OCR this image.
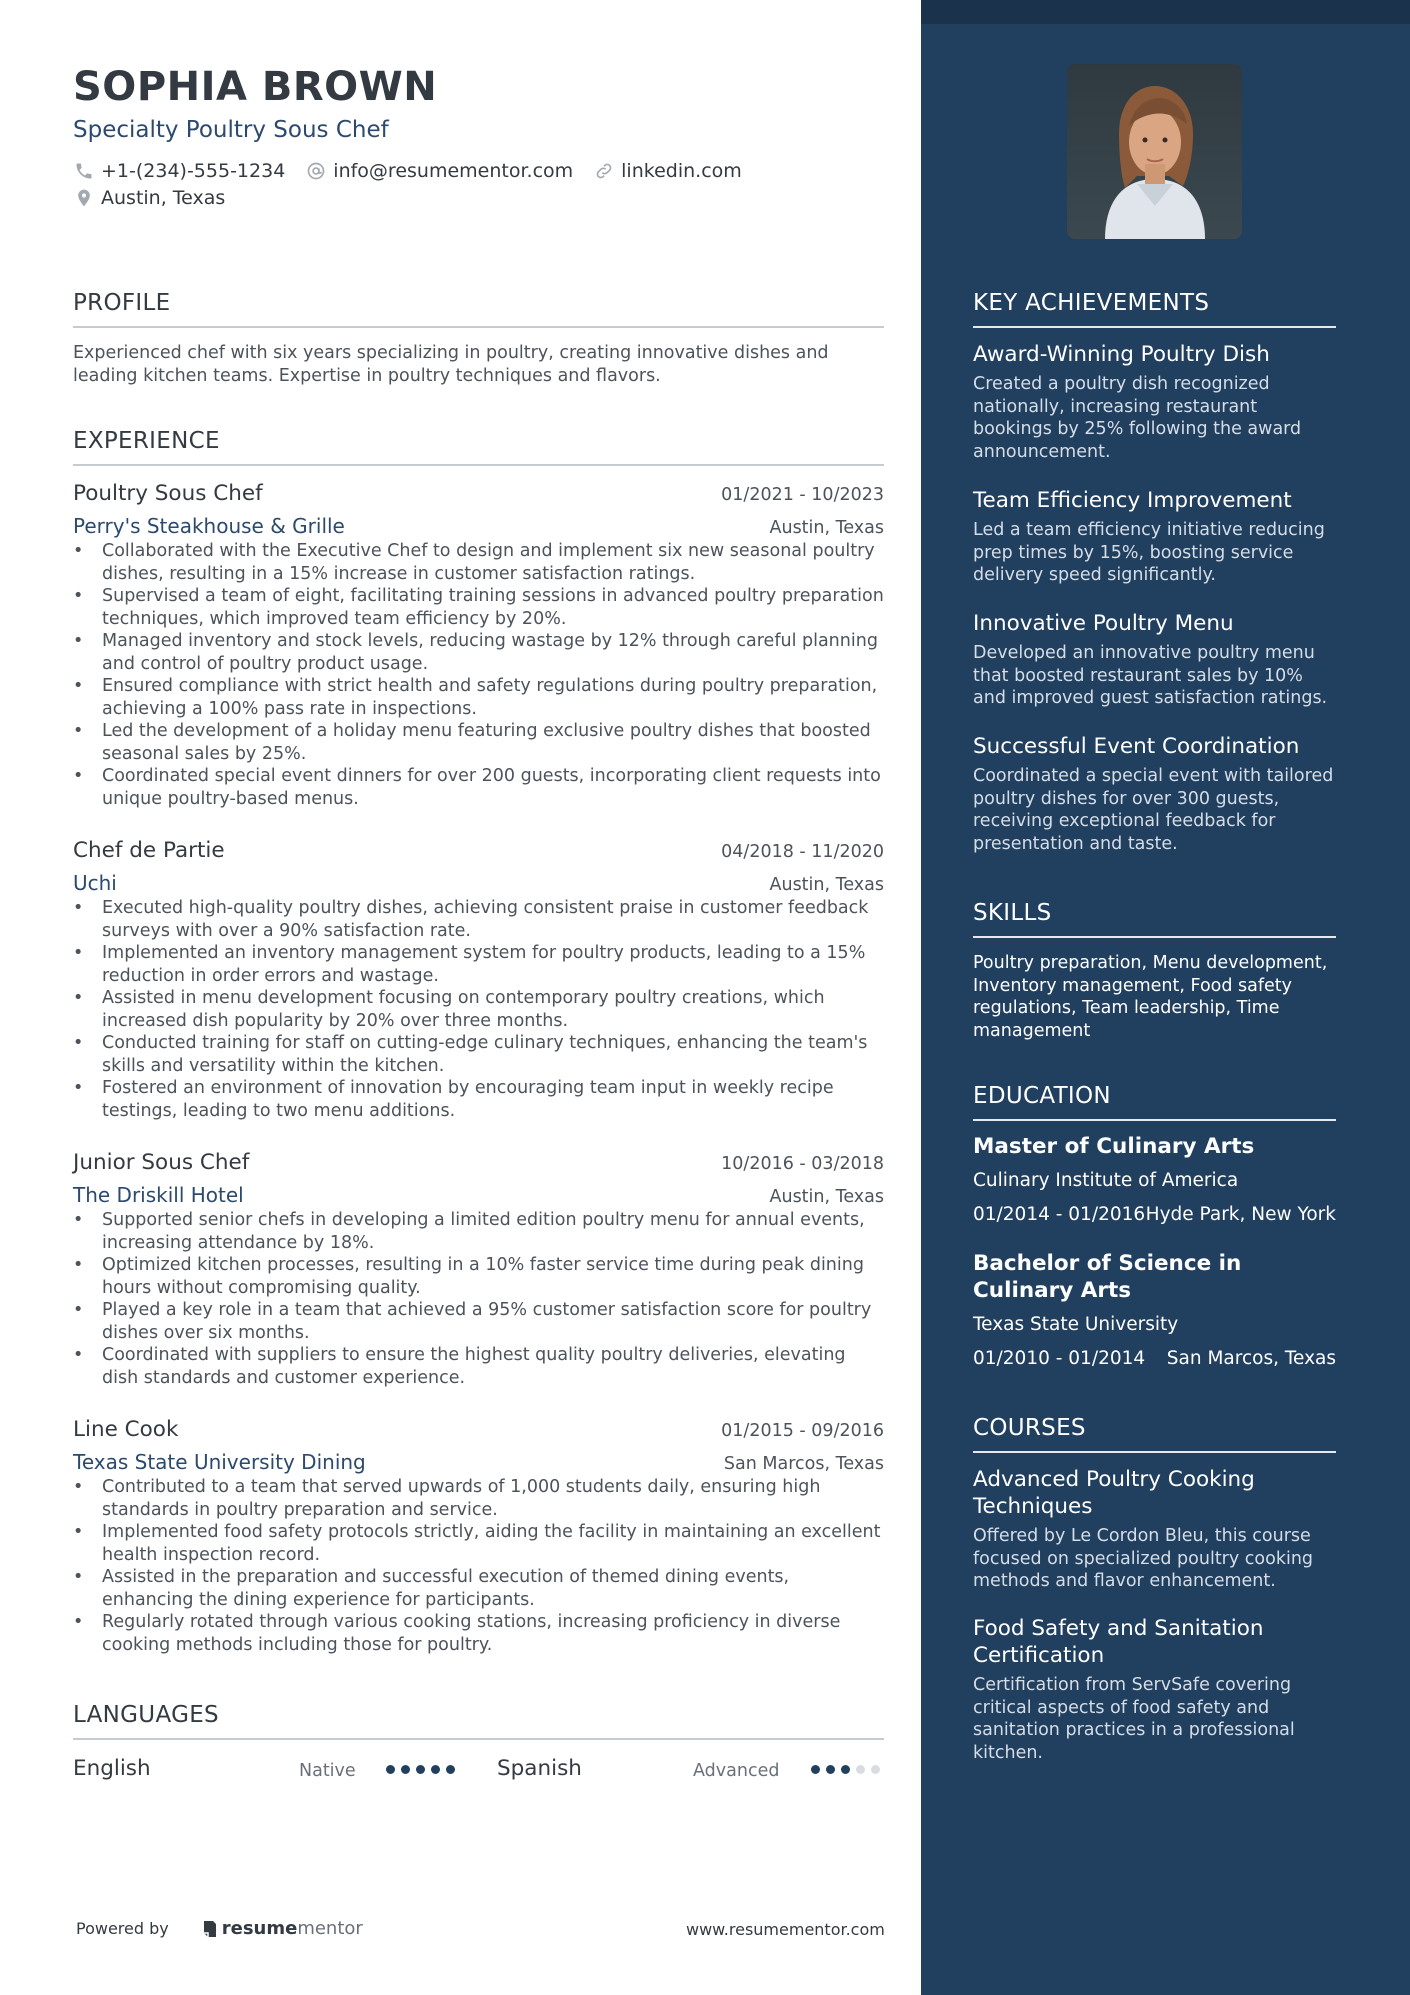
SOPHIA BROWN
Specialty Poultry Sous Chef
+1-(234)-555-1234	info@resumementor.com	linkedin.com
Austin, Texas
PROFILE
Experienced chef with six years specializing in poultry, creating innovative dishes and leading kitchen teams. Expertise in poultry techniques and flavors.
EXPERIENCE
Poultry Sous Chef	01/2021 - 10/2023
Perry's Steakhouse & Grille	Austin, Texas
• Collaborated with the Executive Chef to design and implement six new seasonal poultry dishes, resulting in a 15% increase in customer satisfaction ratings.
• Supervised a team of eight, facilitating training sessions in advanced poultry preparation techniques, which improved team efficiency by 20%.
• Managed inventory and stock levels, reducing wastage by 12% through careful planning and control of poultry product usage.
• Ensured compliance with strict health and safety regulations during poultry preparation, achieving a 100% pass rate in inspections.
• Led the development of a holiday menu featuring exclusive poultry dishes that boosted seasonal sales by 25%.
• Coordinated special event dinners for over 200 guests, incorporating client requests into unique poultry-based menus.
Chef de Partie	04/2018 - 11/2020
Uchi	Austin, Texas
• Executed high-quality poultry dishes, achieving consistent praise in customer feedback surveys with over a 90% satisfaction rate.
• Implemented an inventory management system for poultry products, leading to a 15% reduction in order errors and wastage.
• Assisted in menu development focusing on contemporary poultry creations, which increased dish popularity by 20% over three months.
• Conducted training for staff on cutting-edge culinary techniques, enhancing the team's skills and versatility within the kitchen.
• Fostered an environment of innovation by encouraging team input in weekly recipe testings, leading to two menu additions.
Junior Sous Chef	10/2016 - 03/2018
The Driskill Hotel	Austin, Texas
• Supported senior chefs in developing a limited edition poultry menu for annual events, increasing attendance by 18%.
• Optimized kitchen processes, resulting in a 10% faster service time during peak dining hours without compromising quality.
• Played a key role in a team that achieved a 95% customer satisfaction score for poultry dishes over six months.
• Coordinated with suppliers to ensure the highest quality poultry deliveries, elevating dish standards and customer experience.
Line Cook	01/2015 - 09/2016
Texas State University Dining	San Marcos, Texas
• Contributed to a team that served upwards of 1,000 students daily, ensuring high standards in poultry preparation and service.
• Implemented food safety protocols strictly, aiding the facility in maintaining an excellent health inspection record.
• Assisted in the preparation and successful execution of themed dining events, enhancing the dining experience for participants.
• Regularly rotated through various cooking stations, increasing proficiency in diverse cooking methods including those for poultry.
LANGUAGES
English	Native	Spanish	Advanced
Powered by	resume mentor	www.resumementor.com
KEY ACHIEVEMENTS
Award-Winning Poultry Dish
Created a poultry dish recognized nationally, increasing restaurant bookings by 25% following the award announcement.
Team Efficiency Improvement
Led a team efficiency initiative reducing prep times by 15%, boosting service delivery speed significantly.
Innovative Poultry Menu
Developed an innovative poultry menu that boosted restaurant sales by 10% and improved guest satisfaction ratings.
Successful Event Coordination
Coordinated a special event with tailored poultry dishes for over 300 guests, receiving exceptional feedback for presentation and taste.
SKILLS
Poultry preparation, Menu development, Inventory management, Food safety regulations, Team leadership, Time management
EDUCATION
Master of Culinary Arts
Culinary Institute of America
01/2014 - 01/2016 Hyde Park, New York
Bachelor of Science in Culinary Arts
Texas State University
01/2010 - 01/2014 San Marcos, Texas
COURSES
Advanced Poultry Cooking Techniques
Offered by Le Cordon Bleu, this course focused on specialized poultry cooking methods and flavor enhancement.
Food Safety and Sanitation Certification
Certification from ServSafe covering critical aspects of food safety and sanitation practices in a professional kitchen.
